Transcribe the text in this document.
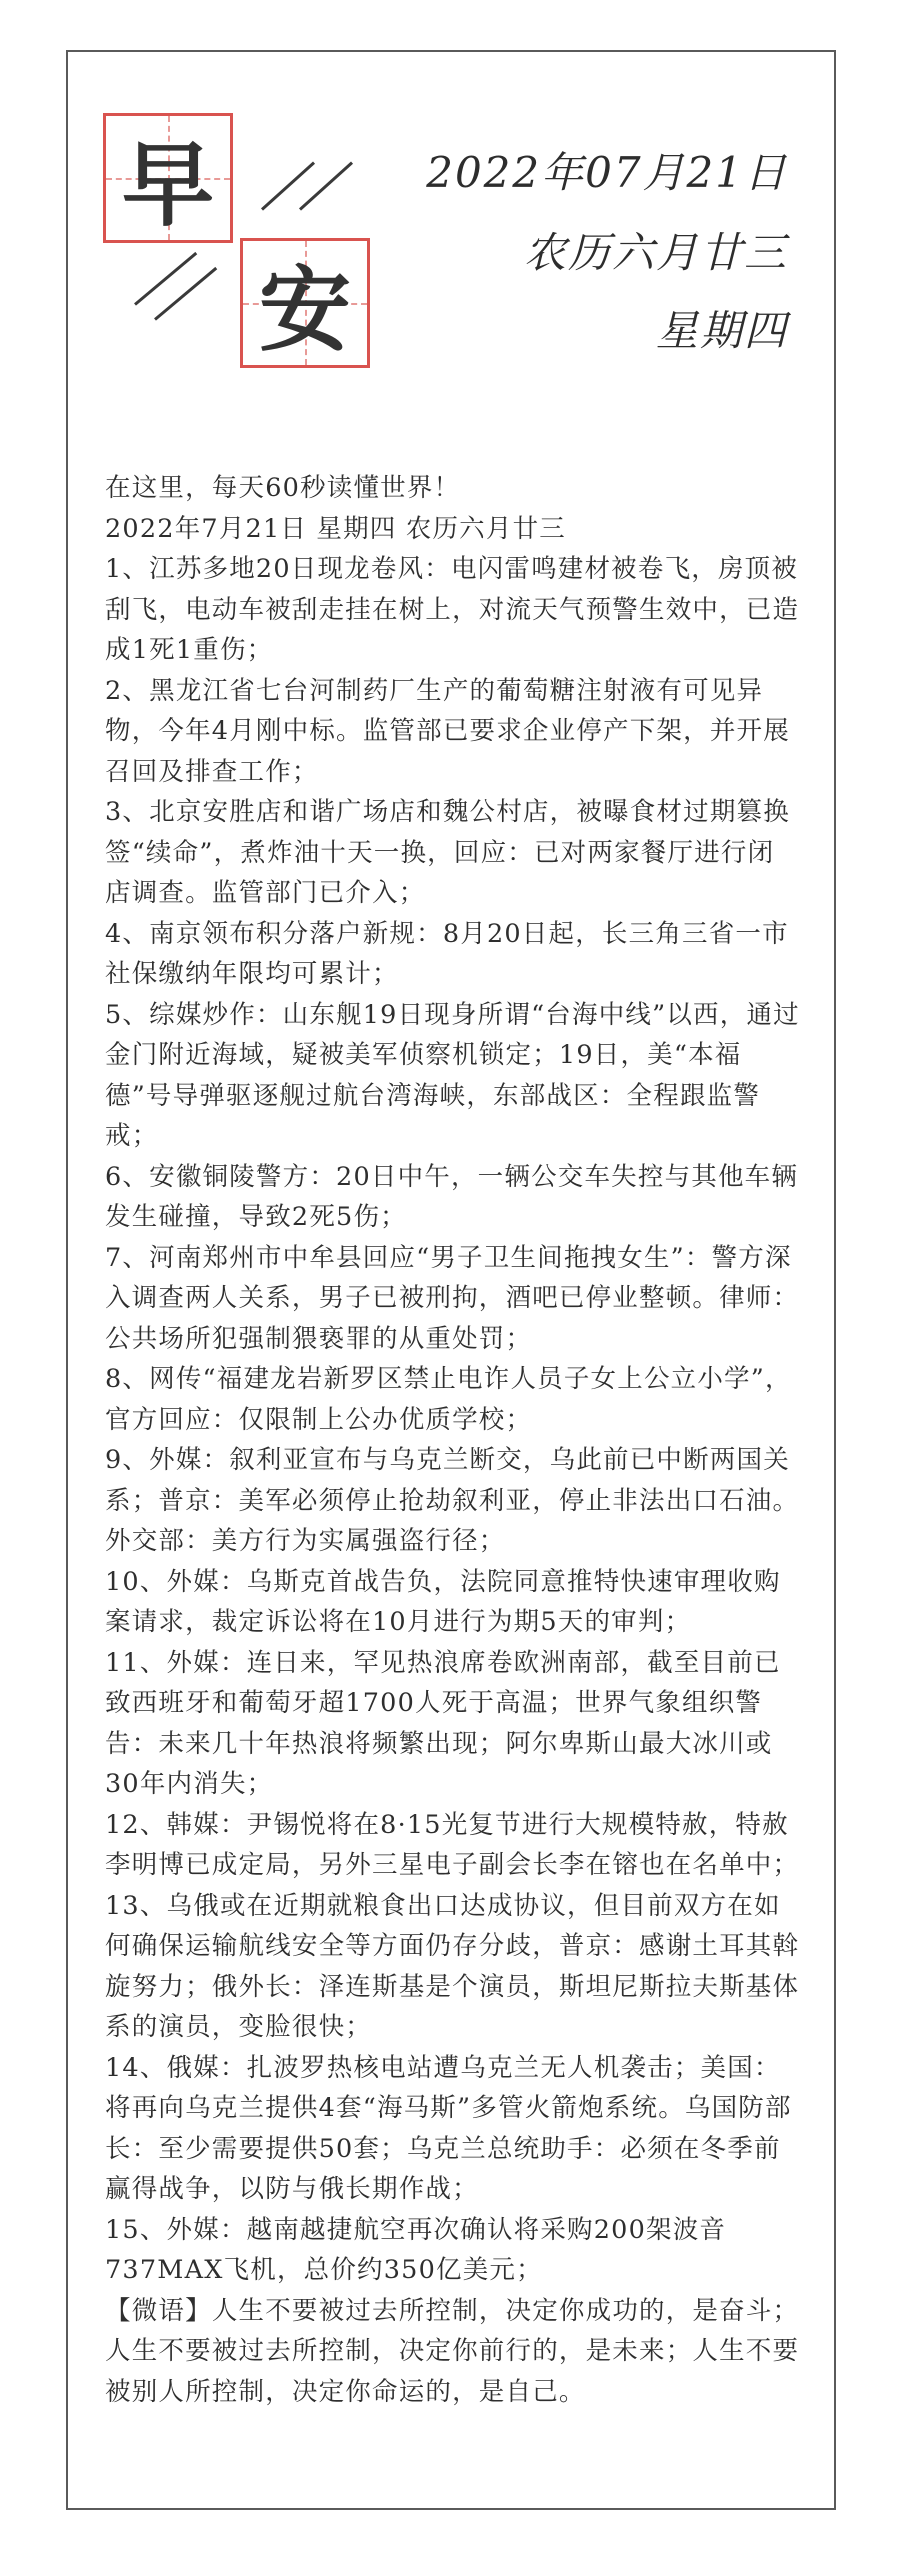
早
安
2022年07月21日
农历六月廿三
星期四

在这里，每天60秒读懂世界！

2022年7月21日 星期四 农历六月廿三

1、江苏多地20日现龙卷风：电闪雷鸣建材被卷飞，房顶被刮飞，电动车被刮走挂在树上，对流天气预警生效中，已造成1死1重伤；

2、黑龙江省七台河制药厂生产的葡萄糖注射液有可见异物，今年4月刚中标。监管部已要求企业停产下架，并开展召回及排查工作；

3、北京安胜店和谐广场店和魏公村店，被曝食材过期篡换签“续命”，煮炸油十天一换，回应：已对两家餐厅进行闭店调查。监管部门已介入；

4、南京领布积分落户新规：8月20日起，长三角三省一市社保缴纳年限均可累计；

5、综媒炒作：山东舰19日现身所谓“台海中线”以西，通过金门附近海域，疑被美军侦察机锁定；19日，美“本福德”号导弹驱逐舰过航台湾海峡，东部战区：全程跟监警戒；

6、安徽铜陵警方：20日中午，一辆公交车失控与其他车辆发生碰撞，导致2死5伤；

7、河南郑州市中牟县回应“男子卫生间拖拽女生”：警方深入调查两人关系，男子已被刑拘，酒吧已停业整顿。律师：公共场所犯强制猥亵罪的从重处罚；

8、网传“福建龙岩新罗区禁止电诈人员子女上公立小学”，官方回应：仅限制上公办优质学校；

9、外媒：叙利亚宣布与乌克兰断交，乌此前已中断两国关系；普京：美军必须停止抢劫叙利亚，停止非法出口石油。外交部：美方行为实属强盗行径；

10、外媒：乌斯克首战告负，法院同意推特快速审理收购案请求，裁定诉讼将在10月进行为期5天的审判；

11、外媒：连日来，罕见热浪席卷欧洲南部，截至目前已致西班牙和葡萄牙超1700人死于高温；世界气象组织警告：未来几十年热浪将频繁出现；阿尔卑斯山最大冰川或30年内消失；

12、韩媒：尹锡悦将在8·15光复节进行大规模特赦，特赦李明博已成定局，另外三星电子副会长李在镕也在名单中；

13、乌俄或在近期就粮食出口达成协议，但目前双方在如何确保运输航线安全等方面仍存分歧，普京：感谢土耳其斡旋努力；俄外长：泽连斯基是个演员，斯坦尼斯拉夫斯基体系的演员，变脸很快；

14、俄媒：扎波罗热核电站遭乌克兰无人机袭击；美国：将再向乌克兰提供4套“海马斯”多管火箭炮系统。乌国防部长：至少需要提供50套；乌克兰总统助手：必须在冬季前赢得战争，以防与俄长期作战；

15、外媒：越南越捷航空再次确认将采购200架波音737MAX飞机，总价约350亿美元；

【微语】人生不要被过去所控制，决定你成功的，是奋斗；人生不要被过去所控制，决定你前行的，是未来；人生不要被别人所控制，决定你命运的，是自己。
